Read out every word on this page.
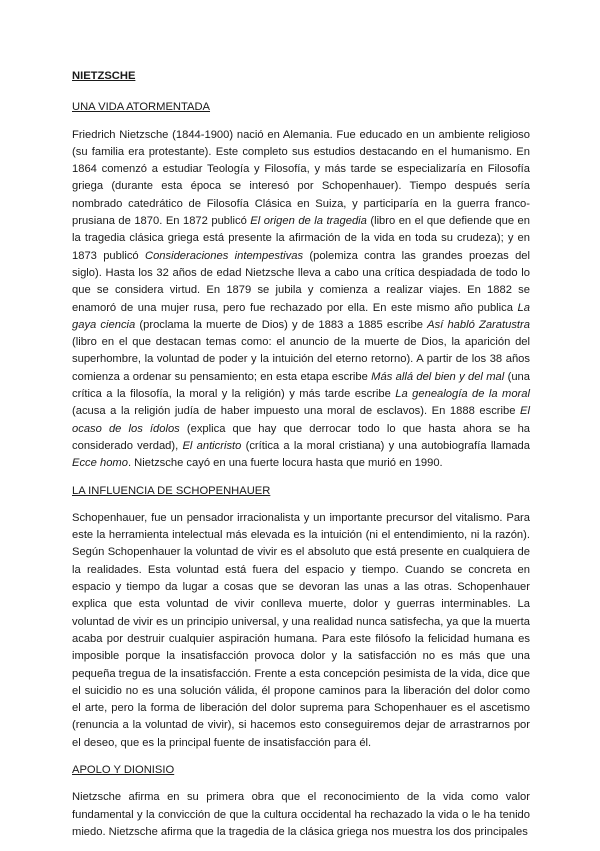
NIETZSCHE
UNA VIDA ATORMENTADA

Friedrich Nietzsche (1844-1900) nació en Alemania. Fue educado en un ambiente religioso (su familia era protestante). Este completo sus estudios destacando en el humanismo. En 1864 comenzó a estudiar Teología y Filosofía, y más tarde se especializaría en Filosofía griega (durante esta época se interesó por Schopenhauer). Tiempo después sería nombrado catedrático de Filosofía Clásica en Suiza, y participaría en la guerra franco-prusiana de 1870. En 1872 publicó El origen de la tragedia (libro en el que defiende que en la tragedia clásica griega está presente la afirmación de la vida en toda su crudeza); y en 1873 publicó Consideraciones intempestivas (polemiza contra las grandes proezas del siglo). Hasta los 32 años de edad Nietzsche lleva a cabo una crítica despiadada de todo lo que se considera virtud. En 1879 se jubila y comienza a realizar viajes. En 1882 se enamoró de una mujer rusa, pero fue rechazado por ella. En este mismo año publica La gaya ciencia (proclama la muerte de Dios) y de 1883 a 1885 escribe Así habló Zaratustra (libro en el que destacan temas como: el anuncio de la muerte de Dios, la aparición del superhombre, la voluntad de poder y la intuición del eterno retorno). A partir de los 38 años comienza a ordenar su pensamiento; en esta etapa escribe Más allá del bien y del mal (una crítica a la filosofía, la moral y la religión) y más tarde escribe La genealogía de la moral (acusa a la religión judía de haber impuesto una moral de esclavos). En 1888 escribe El ocaso de los ídolos (explica que hay que derrocar todo lo que hasta ahora se ha considerado verdad), El anticristo (crítica a la moral cristiana) y una autobiografía llamada Ecce homo. Nietzsche cayó en una fuerte locura hasta que murió en 1990.

LA INFLUENCIA DE SCHOPENHAUER

Schopenhauer, fue un pensador irracionalista y un importante precursor del vitalismo. Para este la herramienta intelectual más elevada es la intuición (ni el entendimiento, ni la razón). Según Schopenhauer la voluntad de vivir es el absoluto que está presente en cualquiera de la realidades. Esta voluntad está fuera del espacio y tiempo. Cuando se concreta en espacio y tiempo da lugar a cosas que se devoran las unas a las otras. Schopenhauer explica que esta voluntad de vivir conlleva muerte, dolor y guerras interminables. La voluntad de vivir es un principio universal, y una realidad nunca satisfecha, ya que la muerta acaba por destruir cualquier aspiración humana. Para este filósofo la felicidad humana es imposible porque la insatisfacción provoca dolor y la satisfacción no es más que una pequeña tregua de la insatisfacción. Frente a esta concepción pesimista de la vida, dice que el suicidio no es una solución válida, él propone caminos para la liberación del dolor como el arte, pero la forma de liberación del dolor suprema para Schopenhauer es el ascetismo (renuncia a la voluntad de vivir), si hacemos esto conseguiremos dejar de arrastrarnos por el deseo, que es la principal fuente de insatisfacción para él.

APOLO Y DIONISIO

Nietzsche afirma en su primera obra que el reconocimiento de la vida como valor fundamental y la convicción de que la cultura occidental ha rechazado la vida o le ha tenido miedo. Nietzsche afirma que la tragedia de la clásica griega nos muestra los dos principales
